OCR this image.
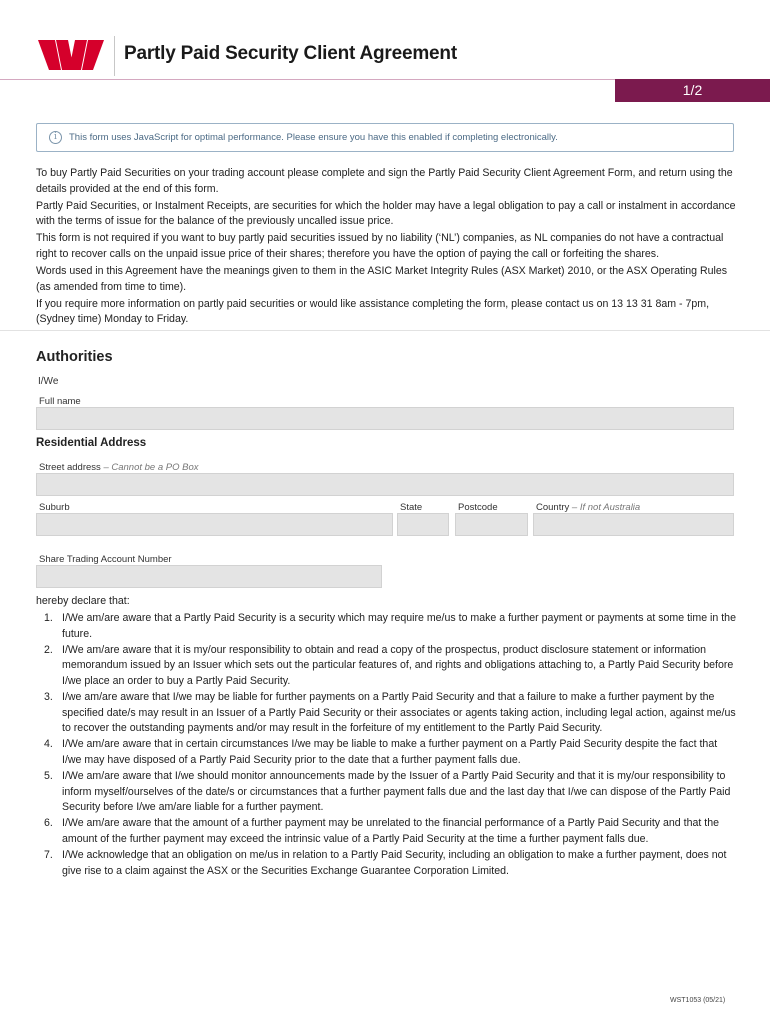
Partly Paid Security Client Agreement
1/2
i	This form uses JavaScript for optimal performance. Please ensure you have this enabled if completing electronically.

To buy Partly Paid Securities on your trading account please complete and sign the Partly Paid Security Client Agreement Form, and return using the details provided at the end of this form.

Partly Paid Securities, or Instalment Receipts, are securities for which the holder may have a legal obligation to pay a call or instalment in accordance with the terms of issue for the balance of the previously uncalled issue price.

This form is not required if you want to buy partly paid securities issued by no liability (‘NL’) companies, as NL companies do not have a contractual right to recover calls on the unpaid issue price of their shares; therefore you have the option of paying the call or forfeiting the shares.

Words used in this Agreement have the meanings given to them in the ASIC Market Integrity Rules (ASX Market) 2010, or the ASX Operating Rules (as amended from time to time).

If you require more information on partly paid securities or would like assistance completing the form, please contact us on 13 13 31 8am - 7pm, (Sydney time) Monday to Friday.

Authorities
I/We
Full name
Residential Address
Street address – Cannot be a PO Box
Suburb	State	Postcode	Country – If not Australia
Share Trading Account Number
hereby declare that:
1. I/We am/are aware that a Partly Paid Security is a security which may require me/us to make a further payment or payments at some time in the future.
2. I/We am/are aware that it is my/our responsibility to obtain and read a copy of the prospectus, product disclosure statement or information memorandum issued by an Issuer which sets out the particular features of, and rights and obligations attaching to, a Partly Paid Security before I/we place an order to buy a Partly Paid Security.
3. I/we am/are aware that I/we may be liable for further payments on a Partly Paid Security and that a failure to make a further payment by the specified date/s may result in an Issuer of a Partly Paid Security or their associates or agents taking action, including legal action, against me/us to recover the outstanding payments and/or may result in the forfeiture of my entitlement to the Partly Paid Security.
4. I/We am/are aware that in certain circumstances I/we may be liable to make a further payment on a Partly Paid Security despite the fact that I/we may have disposed of a Partly Paid Security prior to the date that a further payment falls due.
5. I/We am/are aware that I/we should monitor announcements made by the Issuer of a Partly Paid Security and that it is my/our responsibility to inform myself/ourselves of the date/s or circumstances that a further payment falls due and the last day that I/we can dispose of the Partly Paid Security before I/we am/are liable for a further payment.
6. I/We am/are aware that the amount of a further payment may be unrelated to the financial performance of a Partly Paid Security and that the amount of the further payment may exceed the intrinsic value of a Partly Paid Security at the time a further payment falls due.
7. I/We acknowledge that an obligation on me/us in relation to a Partly Paid Security, including an obligation to make a further payment, does not give rise to a claim against the ASX or the Securities Exchange Guarantee Corporation Limited.
WST1053 (05/21)
